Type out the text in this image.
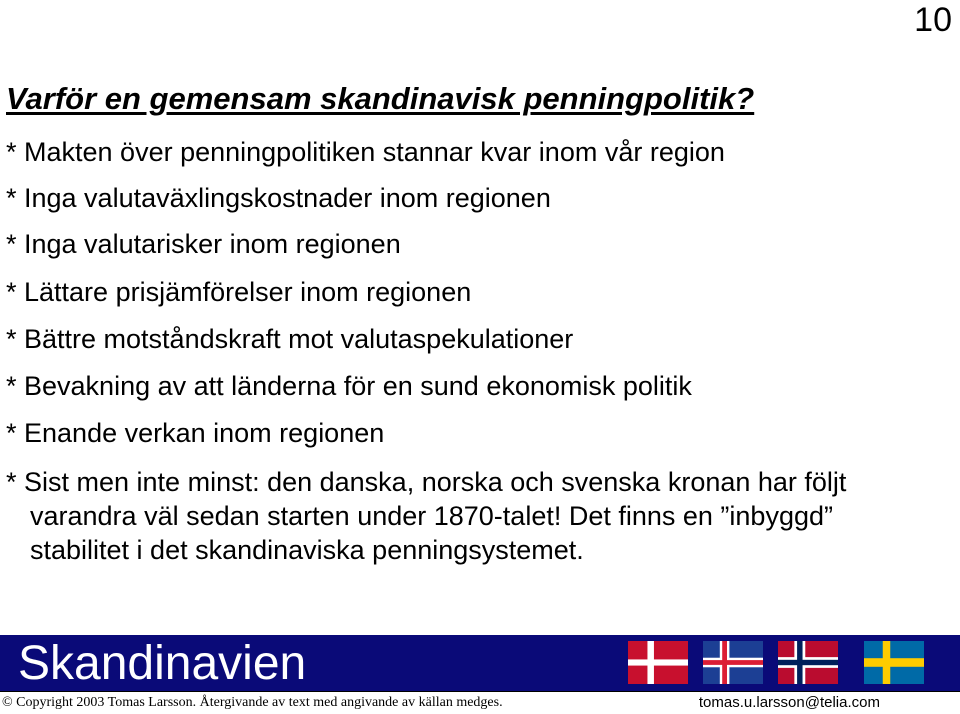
10
Varför en gemensam skandinavisk penningpolitik?
* Makten över penningpolitiken stannar kvar inom vår region
* Inga valutaväxlingskostnader inom regionen
* Inga valutarisker inom regionen
* Lättare prisjämförelser inom regionen
* Bättre motståndskraft mot valutaspekulationer
* Bevakning av att länderna för en sund ekonomisk politik
* Enande verkan inom regionen
* Sist men inte minst: den danska, norska och svenska kronan har följt
varandra väl sedan starten under 1870-talet! Det finns en ”inbyggd”
stabilitet i det skandinaviska penningsystemet.
Skandinavien
© Copyright 2003 Tomas Larsson. Återgivande av text med angivande av källan medges.	tomas.u.larsson@telia.com
